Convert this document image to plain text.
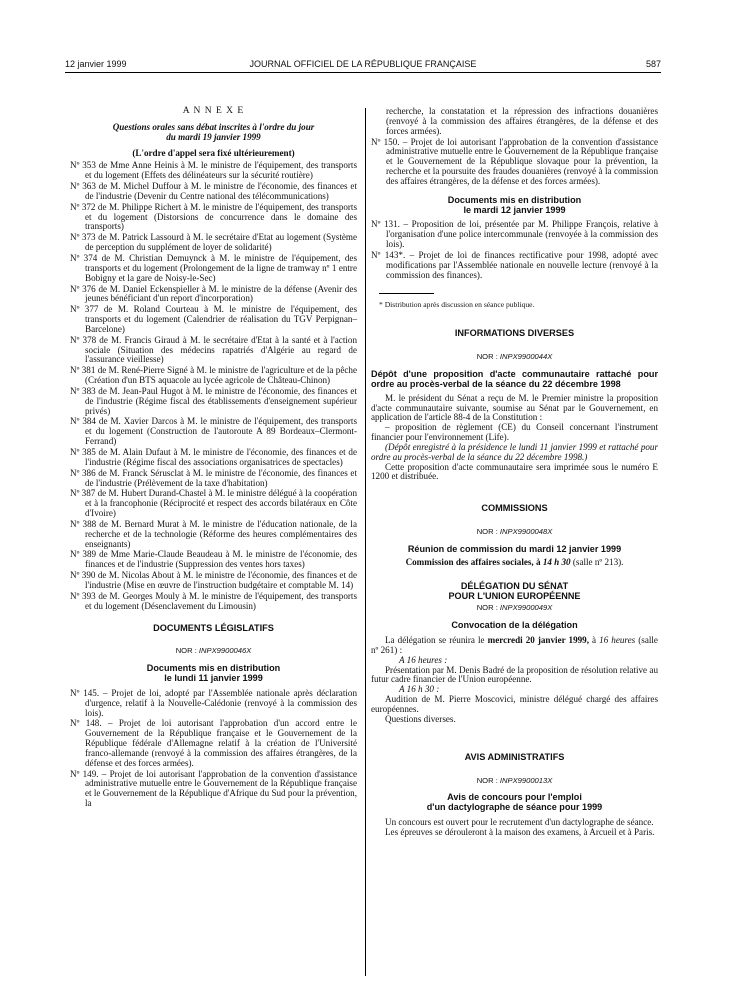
12 janvier 1999	JOURNAL OFFICIEL DE LA RÉPUBLIQUE FRANÇAISE	587

A N N E X E

Questions orales sans débat inscrites à l'ordre du jour

du mardi 19 janvier 1999

(L'ordre d'appel sera fixé ultérieurement)

Nº 353 de Mme Anne Heinis à M. le ministre de l'équipement, des transports et du logement (Effets des délinéateurs sur la sécurité routière)

Nº 363 de M. Michel Duffour à M. le ministre de l'économie, des finances et de l'industrie (Devenir du Centre national des télécommunications)

Nº 372 de M. Philippe Richert à M. le ministre de l'équipement, des transports et du logement (Distorsions de concurrence dans le domaine des transports)

Nº 373 de M. Patrick Lassourd à M. le secrétaire d'Etat au logement (Système de perception du supplément de loyer de solidarité)

Nº 374 de M. Christian Demuynck à M. le ministre de l'équipement, des transports et du logement (Prolongement de la ligne de tramway nº 1 entre Bobigny et la gare de Noisy-le-Sec)

Nº 376 de M. Daniel Eckenspieller à M. le ministre de la défense (Avenir des jeunes bénéficiant d'un report d'incorporation)

Nº 377 de M. Roland Courteau à M. le ministre de l'équipement, des transports et du logement (Calendrier de réalisation du TGV Perpignan–Barcelone)

Nº 378 de M. Francis Giraud à M. le secrétaire d'Etat à la santé et à l'action sociale (Situation des médecins rapatriés d'Algérie au regard de l'assurance vieillesse)

Nº 381 de M. René-Pierre Signé à M. le ministre de l'agriculture et de la pêche (Création d'un BTS aquacole au lycée agricole de Château-Chinon)

Nº 383 de M. Jean-Paul Hugot à M. le ministre de l'économie, des finances et de l'industrie (Régime fiscal des établissements d'enseignement supérieur privés)

Nº 384 de M. Xavier Darcos à M. le ministre de l'équipement, des transports et du logement (Construction de l'autoroute A 89 Bordeaux–Clermont-Ferrand)

Nº 385 de M. Alain Dufaut à M. le ministre de l'économie, des finances et de l'industrie (Régime fiscal des associations organisatrices de spectacles)

Nº 386 de M. Franck Sérusclat à M. le ministre de l'économie, des finances et de l'industrie (Prélèvement de la taxe d'habitation)

Nº 387 de M. Hubert Durand-Chastel à M. le ministre délégué à la coopération et à la francophonie (Réciprocité et respect des accords bilatéraux en Côte d'Ivoire)

Nº 388 de M. Bernard Murat à M. le ministre de l'éducation nationale, de la recherche et de la technologie (Réforme des heures complémentaires des enseignants)

Nº 389 de Mme Marie-Claude Beaudeau à M. le ministre de l'économie, des finances et de l'industrie (Suppression des ventes hors taxes)

Nº 390 de M. Nicolas About à M. le ministre de l'économie, des finances et de l'industrie (Mise en œuvre de l'instruction budgétaire et comptable M. 14)

Nº 393 de M. Georges Mouly à M. le ministre de l'équipement, des transports et du logement (Désenclavement du Limousin)

DOCUMENTS LÉGISLATIFS

NOR : INPX9900046X

Documents mis en distribution

le lundi 11 janvier 1999

Nº 145. – Projet de loi, adopté par l'Assemblée nationale après déclaration d'urgence, relatif à la Nouvelle-Calédonie (renvoyé à la commission des lois).

Nº 148. – Projet de loi autorisant l'approbation d'un accord entre le Gouvernement de la République française et le Gouvernement de la République fédérale d'Allemagne relatif à la création de l'Université franco-allemande (renvoyé à la commission des affaires étrangères, de la défense et des forces armées).

Nº 149. – Projet de loi autorisant l'approbation de la convention d'assistance administrative mutuelle entre le Gouvernement de la République française et le Gouvernement de la République d'Afrique du Sud pour la prévention, la

recherche, la constatation et la répression des infractions douanières (renvoyé à la commission des affaires étrangères, de la défense et des forces armées).

Nº 150. – Projet de loi autorisant l'approbation de la convention d'assistance administrative mutuelle entre le Gouvernement de la République française et le Gouvernement de la République slovaque pour la prévention, la recherche et la poursuite des fraudes douanières (renvoyé à la commission des affaires étrangères, de la défense et des forces armées).

Documents mis en distribution

le mardi 12 janvier 1999

Nº 131. – Proposition de loi, présentée par M. Philippe François, relative à l'organisation d'une police intercommunale (renvoyée à la commission des lois).

Nº 143*. – Projet de loi de finances rectificative pour 1998, adopté avec modifications par l'Assemblée nationale en nouvelle lecture (renvoyé à la commission des finances).

* Distribution après discussion en séance publique.

INFORMATIONS DIVERSES

NOR : INPX9900044X

Dépôt d'une proposition d'acte communautaire rattaché pour ordre au procès-verbal de la séance du 22 décembre 1998

M. le président du Sénat a reçu de M. le Premier ministre la proposition d'acte communautaire suivante, soumise au Sénat par le Gouvernement, en application de l'article 88-4 de la Constitution :

– proposition de règlement (CE) du Conseil concernant l'instrument financier pour l'environnement (Life).

(Dépôt enregistré à la présidence le lundi 11 janvier 1999 et rattaché pour ordre au procès-verbal de la séance du 22 décembre 1998.)

Cette proposition d'acte communautaire sera imprimée sous le numéro E 1200 et distribuée.

COMMISSIONS

NOR : INPX9900048X

Réunion de commission du mardi 12 janvier 1999

Commission des affaires sociales, à 14 h 30 (salle nº 213).

DÉLÉGATION DU SÉNAT

POUR L'UNION EUROPÉENNE

NOR : INPX9900049X

Convocation de la délégation

La délégation se réunira le mercredi 20 janvier 1999, à 16 heures (salle nº 261) :

A 16 heures :

Présentation par M. Denis Badré de la proposition de résolution relative au futur cadre financier de l'Union européenne.

A 16 h 30 :

Audition de M. Pierre Moscovici, ministre délégué chargé des affaires européennes.

Questions diverses.

AVIS ADMINISTRATIFS

NOR : INPX9900013X

Avis de concours pour l'emploi

d'un dactylographe de séance pour 1999

Un concours est ouvert pour le recrutement d'un dactylographe de séance.

Les épreuves se dérouleront à la maison des examens, à Arcueil et à Paris.
